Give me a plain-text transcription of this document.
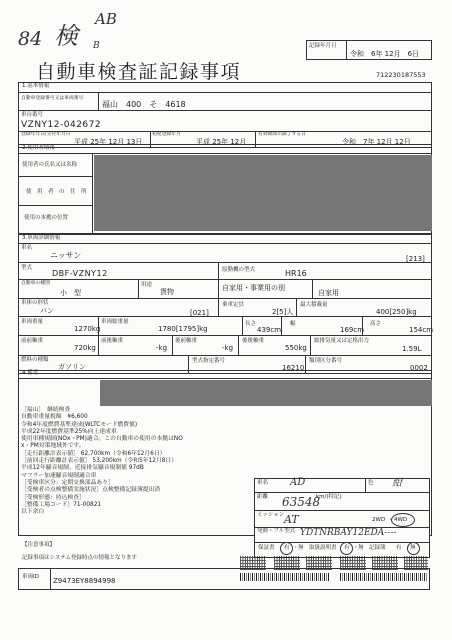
84 検
AB
B	記録年月日
令和　6年 12月　6日
自動車検査証記録事項	712230187553
1.基本情報
自動車登録番号又は車両番号
福山　400　そ　4618
車台番号
VZNY12-042672
登録年月日/交付年月日
平成 25年 12月 13日
初度登録年月
平成 25年 12月
有効期間の満了する日
令和　7年 12月 12日
2.使用者情報
使用者の氏名又は名称
使　用　者　の　住　所
使用の本拠の位置
3.車両詳細情報
車名
ニッサン	[213]
型式
DBF-VZNY12	原動機の型式	HR16
自動車の種別
小　型
用途
貨物	自家用・事業用の別
自家用
車体の形状
バン	[021]
乗車定員
2[5]人
最大積載量
400[250]kg
車両重量
1270kg
車両総重量
1780[1795]kg
長さ
439cm
幅
169cm
高さ
154cm
前前軸重
720kg
前後軸重
-kg
後前軸重
-kg
後後軸重
550kg
総排気量又は定格出力
1.59L
燃料の種類
ガソリン
型式指定番号
16210
類別区分番号
0002
4.備考
［福山］　継続検査
自動車重量税額　¥6,600
令和4年度燃費基準達成(WLTCモード燃費値)
平成22年度燃費基準25%向上達成車
使用車種規制(NOx・PM)適合。この自動車の使用の本拠はNO
x・PM対策地域外です。
［走行距離計表示値］ 62,700km（令和6年12月6日）
［前回走行距離計表示値］ 53,200km（令和5年12月8日）
平成12年騒音規制、近接排気騒音規制値 97dB
マフラー加速騒音規制適合車
［受検車区分：定期交換部品あり］
［受検者の点検整備実施状況］点検整備記録簿提出済
［受検形態：持込検査］
［整備工場コード］71-00821
以下余白
車名 AD	色 紺
距離 63548
km/(特記)
ミッション AT	2WD ・ 4WD
発動・フル型式 YDTNRBAY12EDA----
保証書 有 ・ 無 取扱説明書 有 ・ 無 記録簿 有 ・ 無
【注意事項】
記録事項はシステム登録時点の情報となります
車両ID Z9473EY8894998
